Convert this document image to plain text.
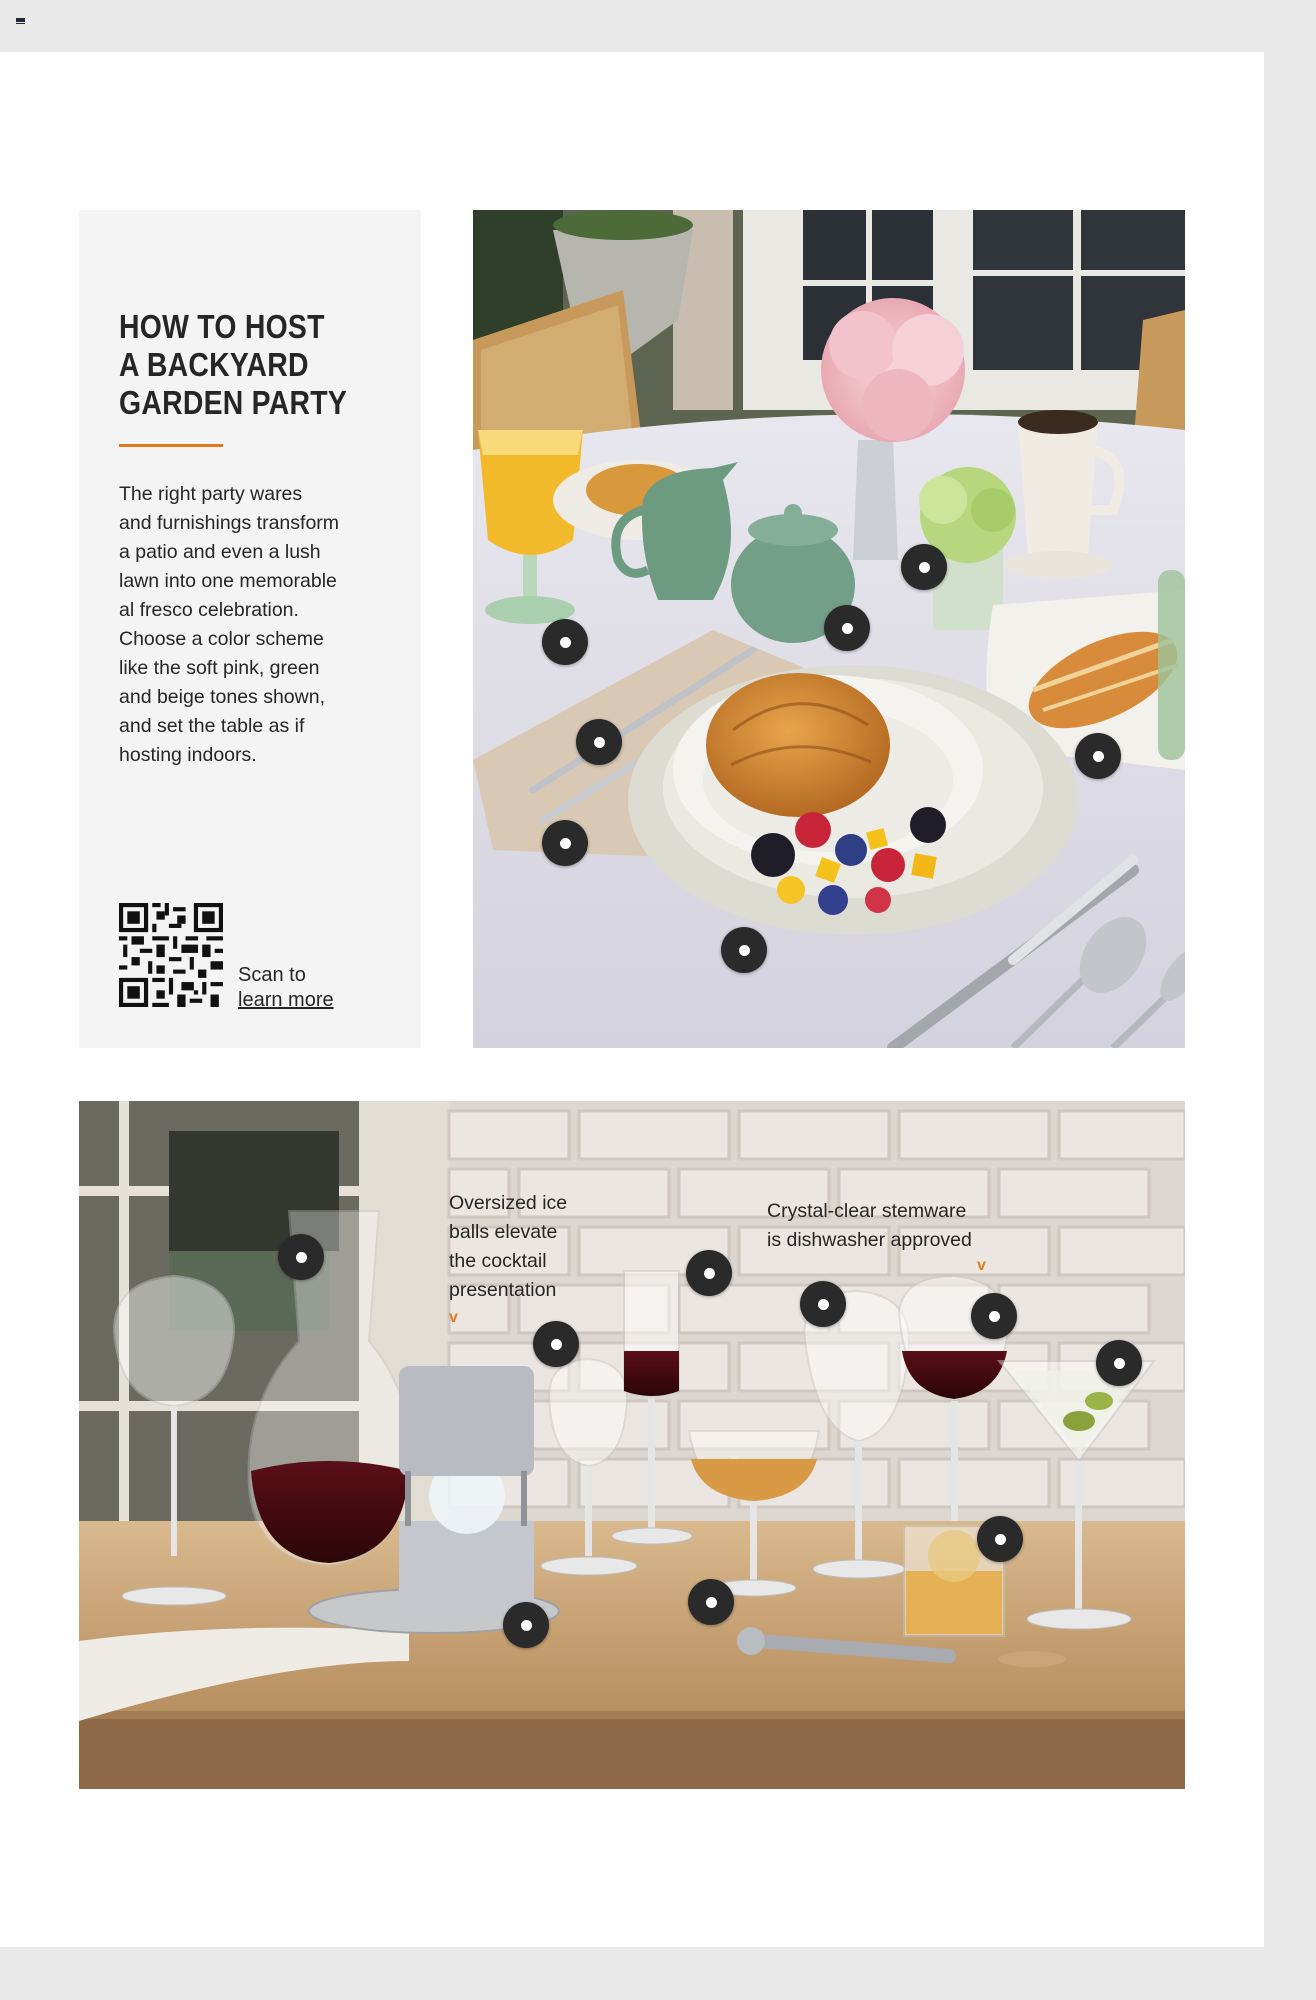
HOW TO HOST
A BACKYARD
GARDEN PARTY
The right party wares
and furnishings transform
a patio and even a lush
lawn into one memorable
al fresco celebration.
Choose a color scheme
like the soft pink, green
and beige tones shown,
and set the table as if
hosting indoors.
Scan to
learn more
Oversized ice
balls elevate
the cocktail
presentation
v
Crystal-clear stemware
is dishwasher approved
v
